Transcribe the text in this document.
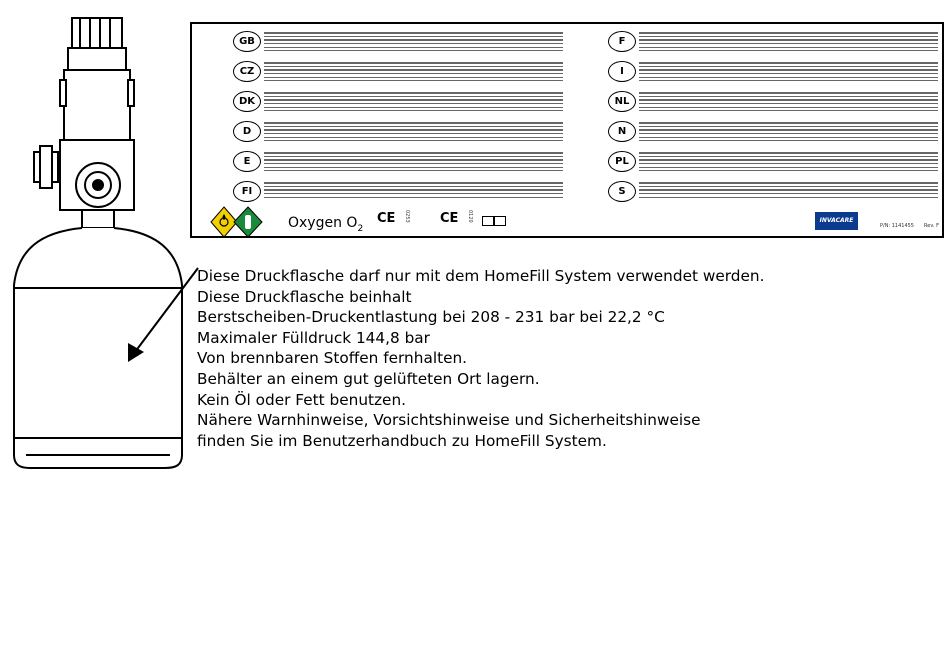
GB
CZ
DK
D
E
FI
F
I
NL
N
PL
S
Oxygen $O_2$
CE 0253 CE 0120	INVACARE
P/N: 1141455 Rev. F
Diese Druckflasche darf nur mit dem HomeFill System verwendet werden.
Diese Druckflasche beinhalt
Berstscheiben-Druckentlastung bei 208 - 231 bar bei 22,2 °C
Maximaler Fülldruck 144,8 bar
Von brennbaren Stoffen fernhalten.
Behälter an einem gut gelüfteten Ort lagern.
Kein Öl oder Fett benutzen.
Nähere Warnhinweise, Vorsichtshinweise und Sicherheitshinweise
finden Sie im Benutzerhandbuch zu HomeFill System.
